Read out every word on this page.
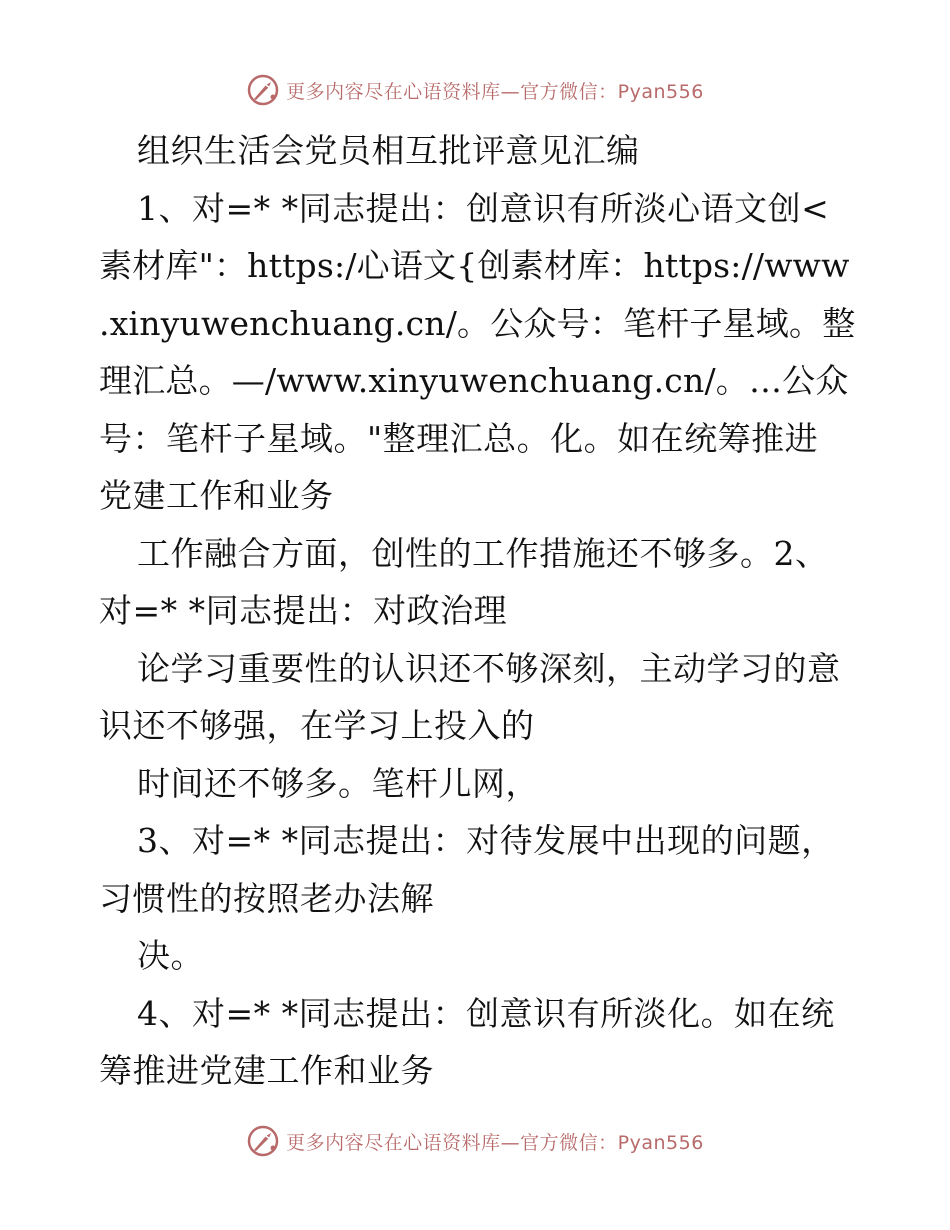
更多内容尽在心语资料库—官方微信：Pyan556
组织生活会党员相互批评意见汇编
1、对=* *同志提出：创意识有所淡心语文创<
素材库"：https:/心语文{创素材库：https://www
.xinyuwenchuang.cn/。公众号：笔杆子星域。整
理汇总。—/www.xinyuwenchuang.cn/。…公众
号：笔杆子星域。"整理汇总。化。如在统筹推进
党建工作和业务
工作融合方面，创性的工作措施还不够多。2、
对=* *同志提出：对政治理
论学习重要性的认识还不够深刻，主动学习的意
识还不够强，在学习上投入的
时间还不够多。笔杆儿网，
3、对=* *同志提出：对待发展中出现的问题，
习惯性的按照老办法解
决。
4、对=* *同志提出：创意识有所淡化。如在统
筹推进党建工作和业务
更多内容尽在心语资料库—官方微信：Pyan556
